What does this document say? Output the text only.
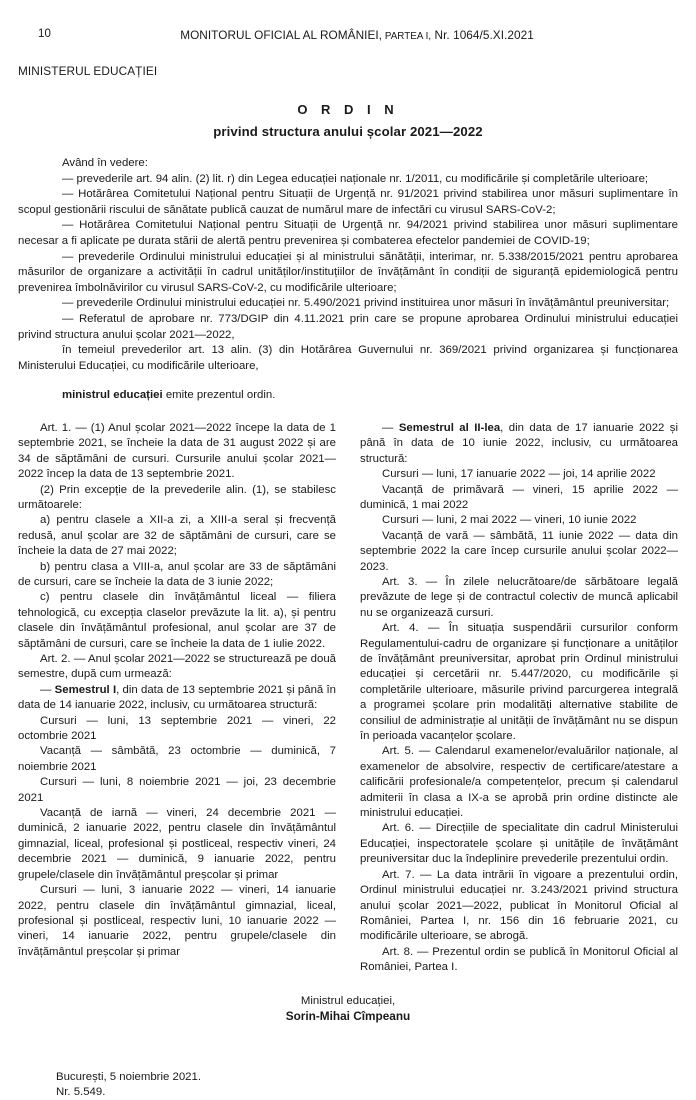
10	MONITORUL OFICIAL AL ROMÂNIEI, PARTEA I, Nr. 1064/5.XI.2021
MINISTERUL EDUCAȚIEI
O R D I N
privind structura anului școlar 2021—2022

Având în vedere:

— prevederile art. 94 alin. (2) lit. r) din Legea educației naționale nr. 1/2011, cu modificările și completările ulterioare;

— Hotărârea Comitetului Național pentru Situații de Urgență nr. 91/2021 privind stabilirea unor măsuri suplimentare în scopul gestionării riscului de sănătate publică cauzat de numărul mare de infectări cu virusul SARS-CoV-2;

— Hotărârea Comitetului Național pentru Situații de Urgență nr. 94/2021 privind stabilirea unor măsuri suplimentare necesar a fi aplicate pe durata stării de alertă pentru prevenirea și combaterea efectelor pandemiei de COVID-19;

— prevederile Ordinului ministrului educației și al ministrului sănătății, interimar, nr. 5.338/2015/2021 pentru aprobarea măsurilor de organizare a activității în cadrul unităților/instituțiilor de învățământ în condiții de siguranță epidemiologică pentru prevenirea îmbolnăvirilor cu virusul SARS-CoV-2, cu modificările ulterioare;

— prevederile Ordinului ministrului educației nr. 5.490/2021 privind instituirea unor măsuri în învățământul preuniversitar;

— Referatul de aprobare nr. 773/DGIP din 4.11.2021 prin care se propune aprobarea Ordinului ministrului educației privind structura anului școlar 2021—2022,

în temeiul prevederilor art. 13 alin. (3) din Hotărârea Guvernului nr. 369/2021 privind organizarea și funcționarea Ministerului Educației, cu modificările ulterioare,

ministrul educației emite prezentul ordin.

Art. 1. — (1) Anul școlar 2021—2022 începe la data de 1 septembrie 2021, se încheie la data de 31 august 2022 și are 34 de săptămâni de cursuri. Cursurile anului școlar 2021—2022 încep la data de 13 septembrie 2021.

(2) Prin excepție de la prevederile alin. (1), se stabilesc următoarele:

a) pentru clasele a XII-a zi, a XIII-a seral și frecvență redusă, anul școlar are 32 de săptămâni de cursuri, care se încheie la data de 27 mai 2022;

b) pentru clasa a VIII-a, anul școlar are 33 de săptămâni de cursuri, care se încheie la data de 3 iunie 2022;

c) pentru clasele din învățământul liceal — filiera tehnologică, cu excepția claselor prevăzute la lit. a), și pentru clasele din învățământul profesional, anul școlar are 37 de săptămâni de cursuri, care se încheie la data de 1 iulie 2022.

Art. 2. — Anul școlar 2021—2022 se structurează pe două semestre, după cum urmează:

— Semestrul I, din data de 13 septembrie 2021 și până în data de 14 ianuarie 2022, inclusiv, cu următoarea structură:

Cursuri — luni, 13 septembrie 2021 — vineri, 22 octombrie 2021

Vacanță — sâmbătă, 23 octombrie — duminică, 7 noiembrie 2021

Cursuri — luni, 8 noiembrie 2021 — joi, 23 decembrie 2021

Vacanță de iarnă — vineri, 24 decembrie 2021 — duminică, 2 ianuarie 2022, pentru clasele din învățământul gimnazial, liceal, profesional și postliceal, respectiv vineri, 24 decembrie 2021 — duminică, 9 ianuarie 2022, pentru grupele/clasele din învățământul preșcolar și primar

Cursuri — luni, 3 ianuarie 2022 — vineri, 14 ianuarie 2022, pentru clasele din învățământul gimnazial, liceal, profesional și postliceal, respectiv luni, 10 ianuarie 2022 — vineri, 14 ianuarie 2022, pentru grupele/clasele din învățământul preșcolar și primar

— Semestrul al II-lea, din data de 17 ianuarie 2022 și până în data de 10 iunie 2022, inclusiv, cu următoarea structură:

Cursuri — luni, 17 ianuarie 2022 — joi, 14 aprilie 2022

Vacanță de primăvară — vineri, 15 aprilie 2022 — duminică, 1 mai 2022

Cursuri — luni, 2 mai 2022 — vineri, 10 iunie 2022

Vacanță de vară — sâmbătă, 11 iunie 2022 — data din septembrie 2022 la care încep cursurile anului școlar 2022—2023.

Art. 3. — În zilele nelucrătoare/de sărbătoare legală prevăzute de lege și de contractul colectiv de muncă aplicabil nu se organizează cursuri.

Art. 4. — În situația suspendării cursurilor conform Regulamentului-cadru de organizare și funcționare a unităților de învățământ preuniversitar, aprobat prin Ordinul ministrului educației și cercetării nr. 5.447/2020, cu modificările și completările ulterioare, măsurile privind parcurgerea integrală a programei școlare prin modalități alternative stabilite de consiliul de administrație al unității de învățământ nu se dispun în perioada vacanțelor școlare.

Art. 5. — Calendarul examenelor/evaluărilor naționale, al examenelor de absolvire, respectiv de certificare/atestare a calificării profesionale/a competențelor, precum și calendarul admiterii în clasa a IX-a se aprobă prin ordine distincte ale ministrului educației.

Art. 6. — Direcțiile de specialitate din cadrul Ministerului Educației, inspectoratele școlare și unitățile de învățământ preuniversitar duc la îndeplinire prevederile prezentului ordin.

Art. 7. — La data intrării în vigoare a prezentului ordin, Ordinul ministrului educației nr. 3.243/2021 privind structura anului școlar 2021—2022, publicat în Monitorul Oficial al României, Partea I, nr. 156 din 16 februarie 2021, cu modificările ulterioare, se abrogă.

Art. 8. — Prezentul ordin se publică în Monitorul Oficial al României, Partea I.

Ministrul educației,
Sorin-Mihai Cîmpeanu
București, 5 noiembrie 2021.
Nr. 5.549.
